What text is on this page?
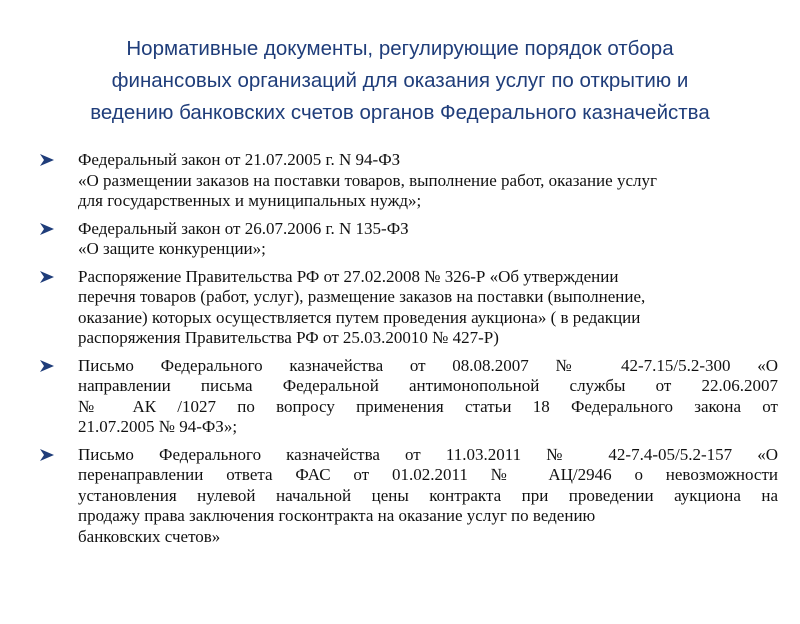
Нормативные документы, регулирующие порядок отбора
финансовых организаций для оказания услуг по открытию и
ведению банковских счетов органов Федерального казначейства
Федеральный закон от 21.07.2005 г. N 94-ФЗ
«О размещении заказов на поставки товаров, выполнение работ, оказание услуг
для государственных и муниципальных нужд»;
Федеральный закон от 26.07.2006 г. N 135-ФЗ
«О защите конкуренции»;
Распоряжение Правительства РФ от 27.02.2008 № 326-Р «Об утверждении
перечня товаров (работ, услуг), размещение заказов на поставки (выполнение,
оказание) которых осуществляется путем проведения аукциона» ( в редакции
распоряжения Правительства РФ от 25.03.20010 № 427-Р)
Письмо Федерального казначейства от 08.08.2007 № 42-7.15/5.2-300 «О
направлении письма Федеральной антимонопольной службы от 22.06.2007
№ АК /1027 по вопросу применения статьи 18 Федерального закона от
21.07.2005 № 94-ФЗ»;
Письмо Федерального казначейства от 11.03.2011 № 42-7.4-05/5.2-157 «О
перенаправлении ответа ФАС от 01.02.2011 № АЦ/2946 о невозможности
установления нулевой начальной цены контракта при проведении аукциона на
продажу права заключения госконтракта на оказание услуг по ведению
банковских счетов»
